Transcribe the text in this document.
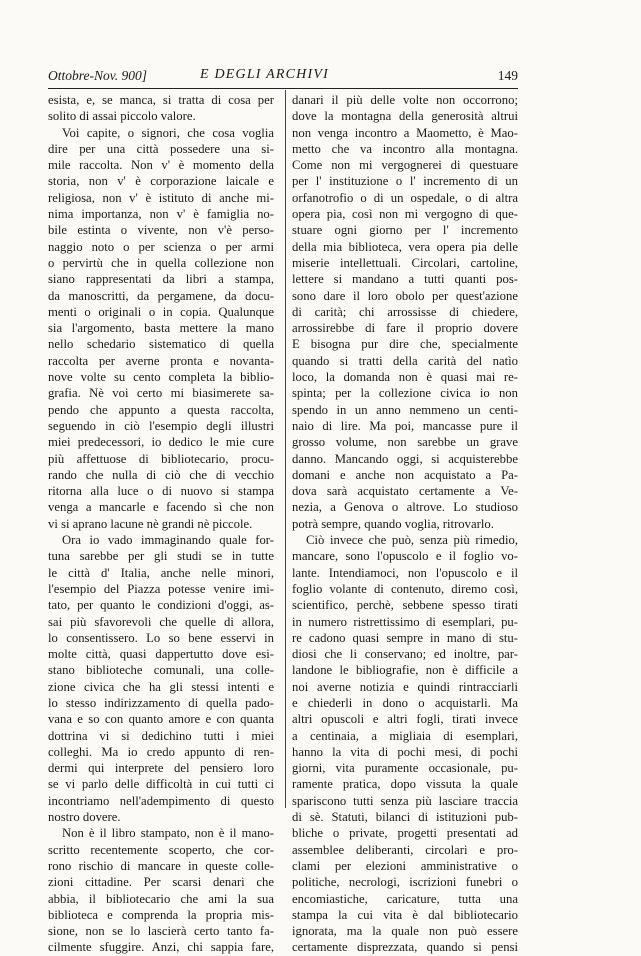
Ottobre-Nov. 900]	E DEGLI ARCHIVI	149
esista, e, se manca, si tratta di cosa per
solito di assai piccolo valore.
Voi capite, o signori, che cosa voglia
dire per una città possedere una si-
mile raccolta. Non v' è momento della
storia, non v' è corporazione laicale e
religiosa, non v' è istituto di anche mi-
nima importanza, non v' è famiglia no-
bile estinta o vivente, non v'è perso-
naggio noto o per scienza o per armi
o pervirtù che in quella collezione non
siano rappresentati da libri a stampa,
da manoscritti, da pergamene, da docu-
menti o originali o in copia. Qualunque
sia l'argomento, basta mettere la mano
nello schedario sistematico di quella
raccolta per averne pronta e novanta-
nove volte su cento completa la biblio-
grafia. Nè voi certo mi biasimerete sa-
pendo che appunto a questa raccolta,
seguendo in ciò l'esempio degli illustri
miei predecessori, io dedico le mie cure
più affettuose di bibliotecario, procu-
rando che nulla di ciò che di vecchio
ritorna alla luce o di nuovo si stampa
venga a mancarle e facendo sì che non
vi si aprano lacune nè grandi nè piccole.
Ora io vado immaginando quale for-
tuna sarebbe per gli studi se in tutte
le città d' Italia, anche nelle minori,
l'esempio del Piazza potesse venire imi-
tato, per quanto le condizioni d'oggi, as-
sai più sfavorevoli che quelle di allora,
lo consentissero. Lo so bene esservi in
molte città, quasi dappertutto dove esi-
stano biblioteche comunali, una collе-
zione civica che ha gli stessi intenti e
lo stesso indirizzamento di quella pado-
vana e so con quanto amore e con quanta
dottrina vi si dedichino tutti i miei
colleghi. Ma io credo appunto di ren-
dermi qui interprete del pensiero loro
se vi parlo delle difficoltà in cui tutti ci
incontriamo nell'adempimento di questo
nostro dovere.
Non è il libro stampato, non è il mano-
scritto recentemente scoperto, che cor-
rono rischio di mancare in queste colle-
zioni cittadine. Per scarsi denari che
abbia, il bibliotecario che ami la sua
biblioteca e comprenda la propria mis-
sione, non se lo lascierà certo tanto fa-
cilmente sfuggire. Anzi, chi sappia fare,
danari il più delle volte non occorrono;
dove la montagna della generosità altrui
non venga incontro a Maometto, è Mao-
metto che va incontro alla montagna.
Come non mi vergognerei di questuare
per l' instituzione o l' incremento di un
orfanotrofio o di un ospedale, o di altra
opera pia, così non mi vergogno di que-
stuare ogni giorno per l' incremento
della mia biblioteca, vera opera pia delle
miserie intellettuali. Circolari, cartoline,
lettere si mandano a tutti quanti pos-
sono dare il loro obolo per quest'azione
di carità; chi arrossisse di chiedere,
arrossirebbe di fare il proprio dovere
E bisogna pur dire che, specialmente
quando si tratti della carità del natìo
loco, la domanda non è quasi mai re-
spinta; per la collezione civica io non
spendo in un anno nemmeno un centi-
naio di lire. Ma poi, mancasse pure il
grosso volume, non sarebbe un grave
danno. Mancando oggi, si acquisterebbe
domani e anche non acquistato a Pa-
dova sarà acquistato certamente a Ve-
nezia, a Genova o altrove. Lo studioso
potrà sempre, quando voglia, ritrovarlo.
Ciò invece che può, senza più rimedio,
mancare, sono l'opuscolo e il foglio vo-
lante. Intendiamoci, non l'opuscolo e il
foglio volante di contenuto, diremo così,
scientifico, perchè, sebbene spesso tirati
in numero ristrettissimo di esemplari, pu-
re cadono quasi sempre in mano di stu-
diosi che li conservano; ed inoltre, par-
landone le bibliografie, non è difficile a
noi averne notizia e quindi rintracciarli
e chiederli in dono o acquistarli. Ma
altri opuscoli e altri fogli, tirati invece
a centinaia, a migliaia di esemplari,
hanno la vita di pochi mesi, di pochi
giorni, vita puramente occasionale, pu-
ramente pratica, dopo vissuta la quale
spariscono tutti senza più lasciare traccia
di sè. Statuti, bilanci di istituzioni pub-
bliche o private, progetti presentati ad
assemblee deliberanti, circolari e pro-
clami per elezioni amministrative o
politiche, necrologi, iscrizioni funebri o
encomiastiche, caricature, tutta una
stampa la cui vita è dal bibliotecario
ignorata, ma la quale non può essere
certamente disprezzata, quando si pensi
